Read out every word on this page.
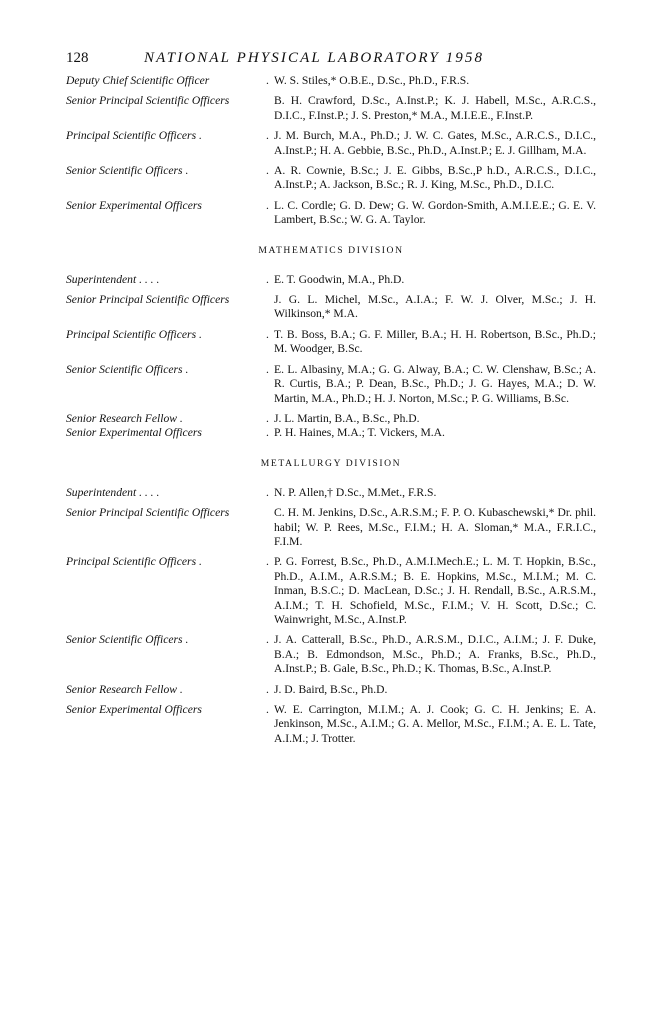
128	NATIONAL PHYSICAL LABORATORY 1958
Deputy Chief Scientific Officer	. W. S. Stiles,* O.B.E., D.Sc., Ph.D., F.R.S.
Senior Principal Scientific Officers	B. H. Crawford, D.Sc., A.Inst.P.; K. J. Habell, M.Sc., A.R.C.S., D.I.C., F.Inst.P.; J. S. Preston,* M.A., M.I.E.E., F.Inst.P.
Principal Scientific Officers .	. J. M. Burch, M.A., Ph.D.; J. W. C. Gates, M.Sc., A.R.C.S., D.I.C., A.Inst.P.; H. A. Gebbie, B.Sc., Ph.D., A.Inst.P.; E. J. Gillham, M.A.
Senior Scientific Officers .	. A. R. Cownie, B.Sc.; J. E. Gibbs, B.Sc.,P h.D., A.R.C.S., D.I.C., A.Inst.P.; A. Jackson, B.Sc.; R. J. King, M.Sc., Ph.D., D.I.C.
Senior Experimental Officers	. L. C. Cordle; G. D. Dew; G. W. Gordon-Smith, A.M.I.E.E.; G. E. V. Lambert, B.Sc.; W. G. A. Taylor.
MATHEMATICS DIVISION
Superintendent . . . .	. E. T. Goodwin, M.A., Ph.D.
Senior Principal Scientific Officers	J. G. L. Michel, M.Sc., A.I.A.; F. W. J. Olver, M.Sc.; J. H. Wilkinson,* M.A.
Principal Scientific Officers .	. T. B. Boss, B.A.; G. F. Miller, B.A.; H. H. Robertson, B.Sc., Ph.D.; M. Woodger, B.Sc.
Senior Scientific Officers .	. E. L. Albasiny, M.A.; G. G. Alway, B.A.; C. W. Clenshaw, B.Sc.; A. R. Curtis, B.A.; P. Dean, B.Sc., Ph.D.; J. G. Hayes, M.A.; D. W. Martin, M.A., Ph.D.; H. J. Norton, M.Sc.; P. G. Williams, B.Sc.
Senior Research Fellow .	. J. L. Martin, B.A., B.Sc., Ph.D.
Senior Experimental Officers	. P. H. Haines, M.A.; T. Vickers, M.A.
METALLURGY DIVISION
Superintendent . . . .	. N. P. Allen,† D.Sc., M.Met., F.R.S.
Senior Principal Scientific Officers	C. H. M. Jenkins, D.Sc., A.R.S.M.; F. P. O. Kubaschewski,* Dr. phil. habil; W. P. Rees, M.Sc., F.I.M.; H. A. Sloman,* M.A., F.R.I.C., F.I.M.
Principal Scientific Officers .	. P. G. Forrest, B.Sc., Ph.D., A.M.I.Mech.E.; L. M. T. Hopkin, B.Sc., Ph.D., A.I.M., A.R.S.M.; B. E. Hopkins, M.Sc., M.I.M.; M. C. Inman, B.S.C.; D. MacLean, D.Sc.; J. H. Rendall, B.Sc., A.R.S.M., A.I.M.; T. H. Schofield, M.Sc., F.I.M.; V. H. Scott, D.Sc.; C. Wainwright, M.Sc., A.Inst.P.
Senior Scientific Officers .	. J. A. Catterall, B.Sc., Ph.D., A.R.S.M., D.I.C., A.I.M.; J. F. Duke, B.A.; B. Edmondson, M.Sc., Ph.D.; A. Franks, B.Sc., Ph.D., A.Inst.P.; B. Gale, B.Sc., Ph.D.; K. Thomas, B.Sc., A.Inst.P.
Senior Research Fellow .	. J. D. Baird, B.Sc., Ph.D.
Senior Experimental Officers	. W. E. Carrington, M.I.M.; A. J. Cook; G. C. H. Jenkins; E. A. Jenkinson, M.Sc., A.I.M.; G. A. Mellor, M.Sc., F.I.M.; A. E. L. Tate, A.I.M.; J. Trotter.
